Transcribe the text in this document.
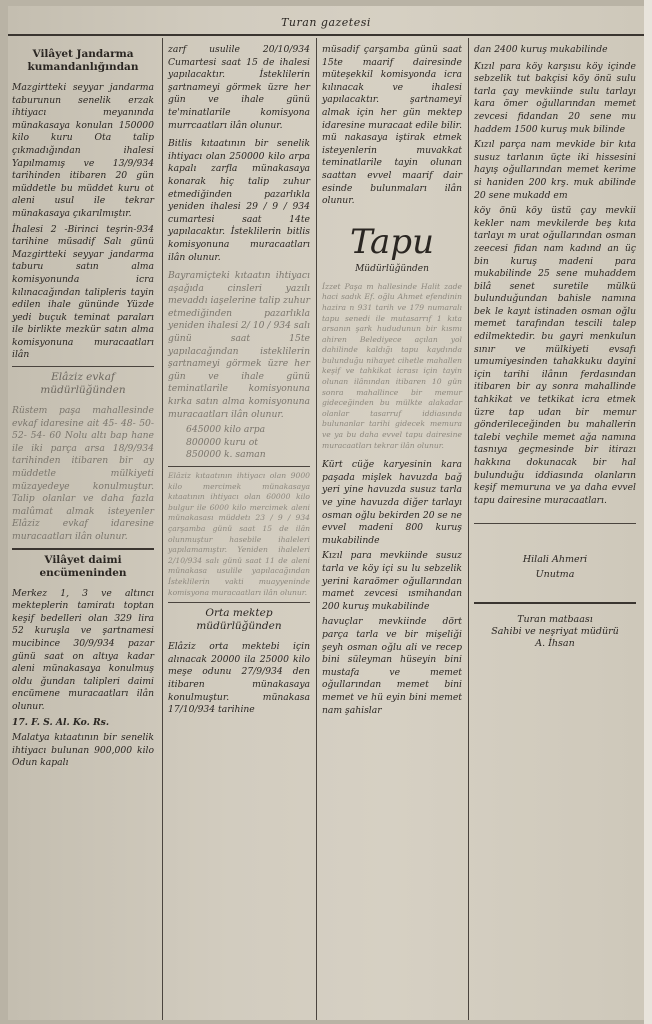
Turan gazetesi
Vilâyet Jandarma kumandanlığından
Mazgirtteki seyyar jandarma taburunun senelik erzak ihtiyacı meyanında münakasaya konulan 150000 kilo kuru Ota talip çıkmadığından ihalesi Yapılmamış ve 13/9/934 tarihinden itibaren 20 gün müddetle bu müddet kuru ot aleni usul ile tekrar münakasaya çıkarılmıştır.
İhalesi 2 -Birinci teşrin-934 tarihine müsadif Salı günü Mazgirtteki seyyar jandarma taburu satın alma komisyonunda icra kılınacağından talipleris tayin edilen ihale gününde Yüzde yedi buçuk teminat paraları ile birlikte mezkür satın alma komisyonuna muracaatları ilân
Elâziz evkaf müdürlüğünden
Rüstem paşa mahallesinde evkaf idaresine ait 45- 48- 50- 52- 54- 60 Nolu altı bap hane ile iki parça arsa 18/9/934 tarihinden itibaren bir ay müddetle mülkiyeti müzayedeye konulmuştur. Talip olanlar ve daha fazla malûmat almak isteyenler Elâziz evkaf idaresine muracaatları ilân olunur.
Vilâyet daimi encümeninden
Merkez 1, 3 ve altıncı mekteplerin tamiratı toptan keşif bedelleri olan 329 lira 52 kuruşla ve şartnamesi mucibince 30/9/934 pazar günü saat on altıya kadar aleni münakasaya konulmuş oldu ğundan talipleri daimi encümene muracaatları ilân olunur.
17. F. S. Al. Ko. Rs.
Malatya kıtaatının bir senelik ihtiyacı bulunan 900,000 kilo Odun kapalı
zarf usulile 20/10/934 Cumartesi saat 15 de ihalesi yapılacaktır. İsteklilerin şartnameyi görmek üzre her gün ve ihale günü te'minatlarile komisyona murrcaatları ilân olunur.
Bitlis kıtaatının bir senelik ihtiyacı olan 250000 kilo arpa kapalı zarfla münakasaya konarak hiç talip zuhur etmediğinden pazarlıkla yeniden ihalesi 29 / 9 / 934 cumartesi saat 14te yapılacaktır. İsteklilerin bitlis komisyonuna muracaatları ilân olunur.
Bayramiçteki kıtaatın ihtiyacı aşağıda cinsleri yazılı mevaddı iaşelerine talip zuhur etmediğinden pazarlıkla yeniden ihalesi 2/ 10 / 934 salı günü saat 15te yapılacağından isteklilerin şartnameyi görmek üzre her gün ve ihale günü teminatlarile komisyonuna kırka satın alma komisyonuna muracaatları ilân olunur.
645000 kilo arpa
800000 kuru ot
850000 k. saman
Elâziz kıtaatının ihtiyacı olan 9000 kilo mercimek münakasaya kıtaatının ihtiyacı olan 60000 kilo bulgur ile 6000 kilo mercimek aleni münakasası müddetı 23 / 9 / 934 çarşamba günü saat 15 de ilân olunmuştur hasebile ihaleleri yapılamamıştır. Yeniden ihaleleri 2/10/934 salı günü saat 11 de aleni münakasa usulile yapılacağından İsteklilerin vakti muayyeninde komisyona muracaatları ilân olunur.
Orta mektep müdürlüğünden
Elâziz orta mektebi için alınacak 20000 ila 25000 kilo meşe odunu 27/9/934 den itibaren münakasaya konulmuştur. münakasa 17/10/934 tarihine
müsadif çarşamba günü saat 15te maarif dairesinde müteşekkil komisyonda icra kılınacak ve ihalesi yapılacaktır. şartnameyi almak için her gün mektep idaresine muracaat edile bilir. mü nakasaya iştirak etmek isteyenlerin muvakkat teminatlarile tayin olunan saattan evvel maarif dair esinde bulunmaları ilân olunur.
Tapu
Müdürlüğünden
İzzet Paşa m hallesinde Halit zade haci sadık Ef. oğlu Ahmet efendinin hazira n 931 tarih ve 179 numaralı tapu senedi ile mutasarrıf 1 kıta arsanın şark hududunun bir kısmı ahiren Belediyece açılan yol dahilinde kaldığı tapu kaydında bulunduğu nihayet cihetle mahallen keşif ve tahkikat icrası için tayin olunan ilânından itibaren 10 gün sonra mahallince bir memur gideceğinden bu mülkte alakadar olanlar tasarruf iddiasında bulunanlar tarihi gidecek memura ve ya bu daha evvel tapu dairesine muracaatları tekrar ilân olunur.
Kürt cüğe karyesinin kara paşada mişlek havuzda bağ yeri yine havuzda susuz tarla ve yine havuzda diğer tarlayı osman oğlu bekirden 20 se ne evvel madeni 800 kuruş mukabilinde
Kızıl para mevkiinde susuz tarla ve köy içi su lu sebzelik yerini karaömer oğullarından mamet zevcesi ısmihandan 200 kuruş mukabilinde
havuçlar mevkiinde dört parça tarla ve bir mişeliği şeyh osman oğlu ali ve recep bini süleyman hüseyin bini mustafa ve memet oğullarından memet bini memet ve hü eyin bini memet nam şahislar
dan 2400 kuruş mukabilinde
Kızıl para köy karşısu köy içinde sebzelik tut bakçisi köy önü sulu tarla çay mevkiinde sulu tarlayı kara ömer oğullarından memet zevcesi fidandan 20 sene mu haddem 1500 kuruş muk bilinde
Kızıl parça nam mevkide bir kıta susuz tarlanın üçte iki hissesini hayış oğullarından memet kerime si haniden 200 krş. muk abilinde 20 sene mukadd em
köy önü köy üstü çay mevkii kekler nam mevkilerde beş kıta tarlayı m urat oğullarından osman zeecesi fidan nam kadınd an üç bin kuruş madeni para mukabilinde 25 sene muhaddem bilâ senet suretile mülkü bulunduğundan bahisle namına bek le kayıt istinaden osman oğlu memet tarafından tescili talep edilmektedir. bu gayri menkulun sınır ve mülkiyeti evsafı umumiyesinden tahakkuku dayini için tarihi ilânın ferdasından itibaren bir ay sonra mahallinde tahkikat ve tetkikat icra etmek üzre tap udan bir memur gönderileceğinden bu mahallerin talebi veçhile memet ağa namına tasnıya geçmesinde bir itirazı hakkına dokunacak bir hal bulunduğu iddiasında olanların keşif memuruna ve ya daha evvel tapu dairesine muracaatları.
Hilali Ahmeri
Unutma
Turan matbaası
Sahibi ve neşriyat müdürü
A. İhsan
